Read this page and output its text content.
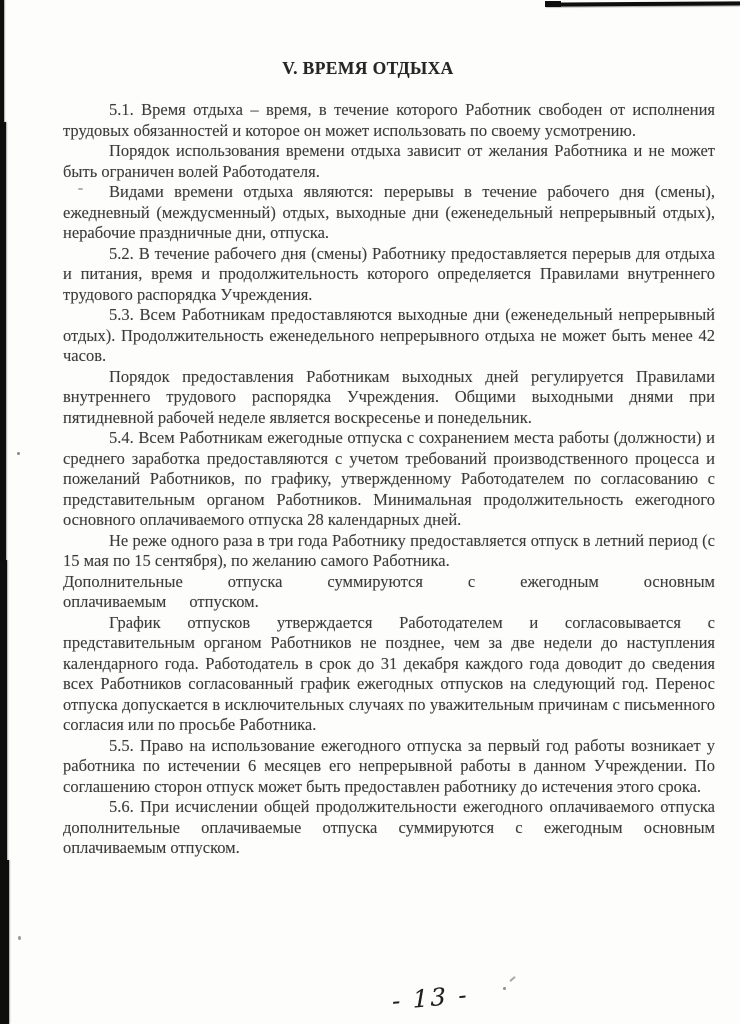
V. ВРЕМЯ ОТДЫХА

5.1. Время отдыха – время, в течение которого Работник свободен от исполнения трудовых обязанностей и которое он может использовать по своему усмотрению.

Порядок использования времени отдыха зависит от желания Работника и не может быть ограничен волей Работодателя.

Видами времени отдыха являются: перерывы в течение рабочего дня (смены), ежедневный (междусменный) отдых, выходные дни (еженедельный непрерывный отдых), нерабочие праздничные дни, отпуска.

5.2. В течение рабочего дня (смены) Работнику предоставляется перерыв для отдыха и питания, время и продолжительность которого определяется Правилами внутреннего трудового распорядка Учреждения.

5.3. Всем Работникам предоставляются выходные дни (еженедельный непрерывный отдых). Продолжительность еженедельного непрерывного отдыха не может быть менее 42 часов.

Порядок предоставления Работникам выходных дней регулируется Правилами внутреннего трудового распорядка Учреждения. Общими выходными днями при пятидневной рабочей неделе является воскресенье и понедельник.

5.4. Всем Работникам ежегодные отпуска с сохранением места работы (должности) и среднего заработка предоставляются с учетом требований производственного процесса и пожеланий Работников, по графику, утвержденному Работодателем по согласованию с представительным органом Работников. Минимальная продолжительность ежегодного основного оплачиваемого отпуска 28 календарных дней.

Не реже одного раза в три года Работнику предоставляется отпуск в летний период (с 15 мая по 15 сентября), по желанию самого Работника.

Дополнительные отпуска суммируются с ежегодным основным оплачиваемым отпуском.

График отпусков утверждается Работодателем и согласовывается с представительным органом Работников не позднее, чем за две недели до наступления календарного года. Работодатель в срок до 31 декабря каждого года доводит до сведения всех Работников согласованный график ежегодных отпусков на следующий год. Перенос отпуска допускается в исключительных случаях по уважительным причинам с письменного согласия или по просьбе Работника.

5.5. Право на использование ежегодного отпуска за первый год работы возникает у работника по истечении 6 месяцев его непрерывной работы в данном Учреждении. По соглашению сторон отпуск может быть предоставлен работнику до истечения этого срока.

5.6. При исчислении общей продолжительности ежегодного оплачиваемого отпуска дополнительные оплачиваемые отпуска суммируются с ежегодным основным оплачиваемым отпуском.

- 13 -
